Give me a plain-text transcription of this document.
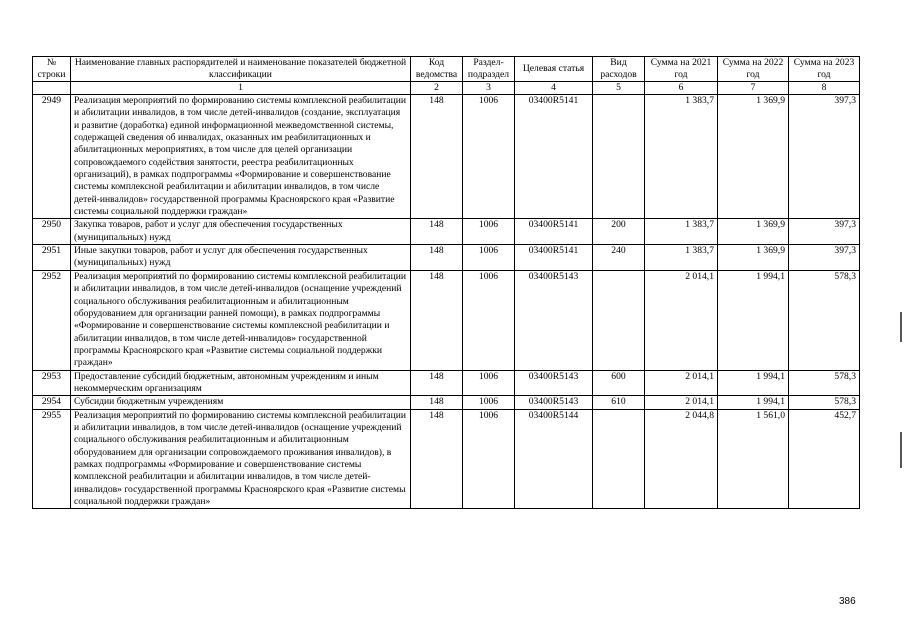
№ строки	Наименование главных распорядителей и наименование показателей бюджетной классификации	Код ведомства	Раздел-подраздел	Целевая статья	Вид расходов	Сумма на 2021 год	Сумма на 2022 год	Сумма на 2023 год
	1	2	3	4	5	6	7	8
2949	Реализация мероприятий по формированию системы комплексной реабилитации и абилитации инвалидов, в том числе детей-инвалидов (создание, эксплуатация и развитие (доработка) единой информационной межведомственной системы, содержащей сведения об инвалидах, оказанных им реабилитационных и абилитационных мероприятиях, в том числе для целей организации сопровождаемого содействия занятости, реестра реабилитационных организаций), в рамках подпрограммы «Формирование и совершенствование системы комплексной реабилитации и абилитации инвалидов, в том числе детей-инвалидов» государственной программы Красноярского края «Развитие системы социальной поддержки граждан»	148	1006	03400R5141		1 383,7	1 369,9	397,3
2950	Закупка товаров, работ и услуг для обеспечения государственных (муниципальных) нужд	148	1006	03400R5141	200	1 383,7	1 369,9	397,3
2951	Иные закупки товаров, работ и услуг для обеспечения государственных (муниципальных) нужд	148	1006	03400R5141	240	1 383,7	1 369,9	397,3
2952	Реализация мероприятий по формированию системы комплексной реабилитации и абилитации инвалидов, в том числе детей-инвалидов (оснащение учреждений социального обслуживания реабилитационным и абилитационным оборудованием для организации ранней помощи), в рамках подпрограммы «Формирование и совершенствование системы комплексной реабилитации и абилитации инвалидов, в том числе детей-инвалидов» государственной программы Красноярского края «Развитие системы социальной поддержки граждан»	148	1006	03400R5143		2 014,1	1 994,1	578,3
2953	Предоставление субсидий бюджетным, автономным учреждениям и иным некоммерческим организациям	148	1006	03400R5143	600	2 014,1	1 994,1	578,3
2954	Субсидии бюджетным учреждениям	148	1006	03400R5143	610	2 014,1	1 994,1	578,3
2955	Реализация мероприятий по формированию системы комплексной реабилитации и абилитации инвалидов, в том числе детей-инвалидов (оснащение учреждений социального обслуживания реабилитационным и абилитационным оборудованием для организации сопровождаемого проживания инвалидов), в рамках подпрограммы «Формирование и совершенствование системы комплексной реабилитации и абилитации инвалидов, в том числе детей-инвалидов» государственной программы Красноярского края «Развитие системы социальной поддержки граждан»	148	1006	03400R5144		2 044,8	1 561,0	452,7
386
